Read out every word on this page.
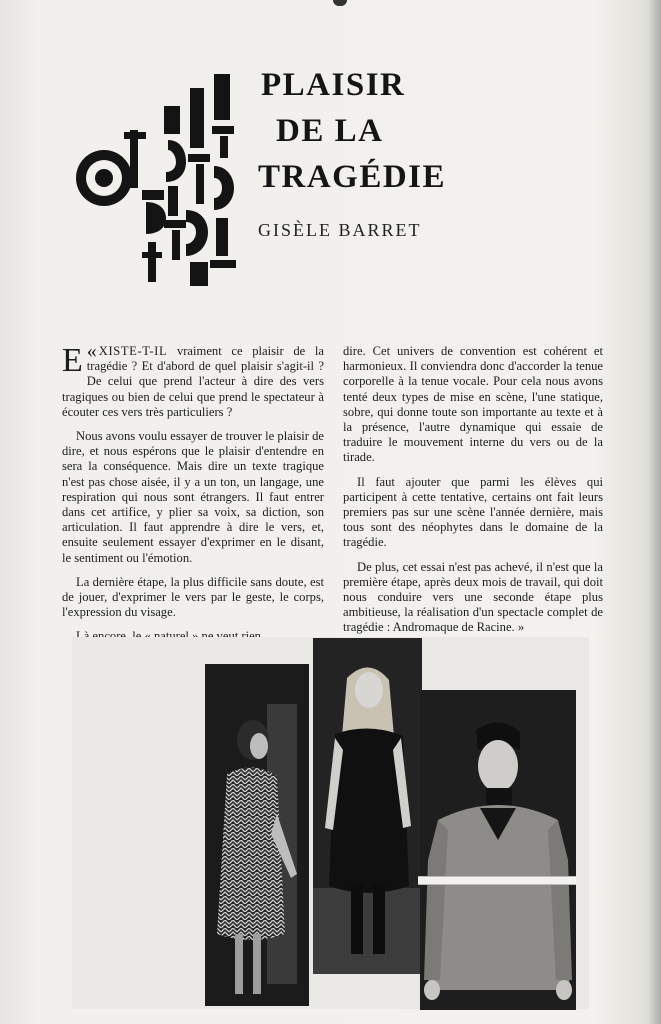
PLAISIR
DE LA
TRAGÉDIE
GISÈLE BARRET

«
E XISTE-T-IL vraiment ce plaisir de la tragédie ? Et d'abord de quel plaisir s'agit-il ? De celui que prend l'acteur à dire des vers tragiques ou bien de celui que prend le spectateur à écouter ces vers très particuliers ?

Nous avons voulu essayer de trouver le plaisir de dire, et nous espérons que le plaisir d'entendre en sera la conséquence. Mais dire un texte tragique n'est pas chose aisée, il y a un ton, un langage, une respiration qui nous sont étrangers. Il faut entrer dans cet artifice, y plier sa voix, sa diction, son articulation. Il faut apprendre à dire le vers, et, ensuite seulement essayer d'exprimer en le disant, le sentiment ou l'émotion.

La dernière étape, la plus difficile sans doute, est de jouer, d'exprimer le vers par le geste, le corps, l'expression du visage.

dire. Cet univers de convention est cohérent et harmonieux. Il conviendra donc d'accorder la tenue corporelle à la tenue vocale. Pour cela nous avons tenté deux types de mise en scène, l'une statique, sobre, qui donne toute son importante au texte et à la présence, l'autre dynamique qui essaie de traduire le mouvement interne du vers ou de la tirade.

Il faut ajouter que parmi les élèves qui participent à cette tentative, certains ont fait leurs premiers pas sur une scène l'année dernière, mais tous sont des néophytes dans le domaine de la tragédie.

De plus, cet essai n'est pas achevé, il n'est que la première étape, après deux mois de travail, qui doit nous conduire vers une seconde étape plus ambitieuse, la réalisation d'un spectacle complet de tragédie : Andromaque de Racine. »
